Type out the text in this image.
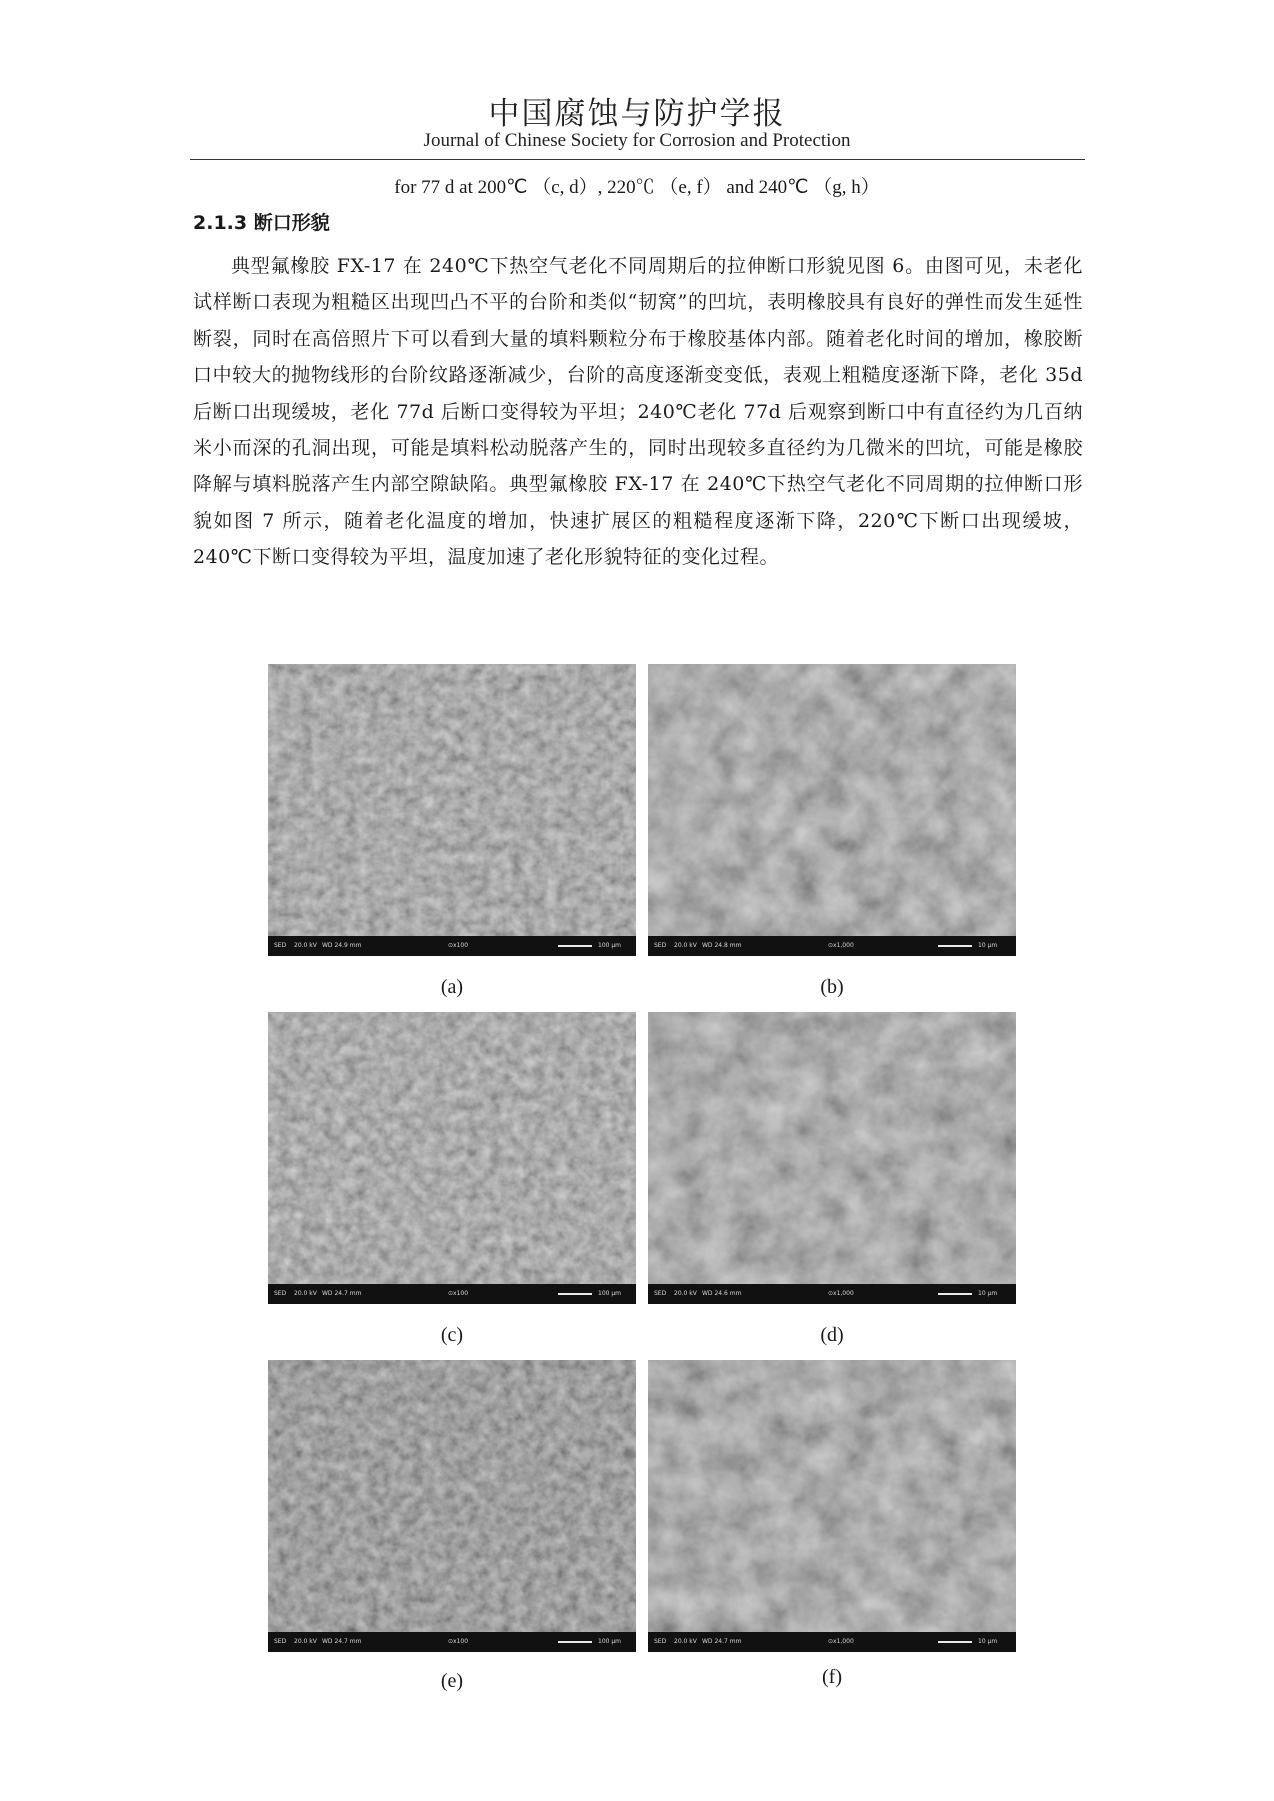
中国腐蚀与防护学报
Journal of Chinese Society for Corrosion and Protection
for 77 d at 200℃ （c, d）, 220℃ （e, f） and 240℃ （g, h）
2.1.3 断口形貌

典型氟橡胶 FX-17 在 240℃下热空气老化不同周期后的拉伸断口形貌见图 6。由图可见，未老化试样断口表现为粗糙区出现凹凸不平的台阶和类似“韧窝”的凹坑，表明橡胶具有良好的弹性而发生延性断裂，同时在高倍照片下可以看到大量的填料颗粒分布于橡胶基体内部。随着老化时间的增加，橡胶断口中较大的抛物线形的台阶纹路逐渐减少，台阶的高度逐渐变变低，表观上粗糙度逐渐下降，老化 35d 后断口出现缓坡，老化 77d 后断口变得较为平坦；240℃老化 77d 后观察到断口中有直径约为几百纳米小而深的孔洞出现，可能是填料松动脱落产生的，同时出现较多直径约为几微米的凹坑，可能是橡胶降解与填料脱落产生内部空隙缺陷。典型氟橡胶 FX-17 在 240℃下热空气老化不同周期的拉伸断口形貌如图 7 所示，随着老化温度的增加，快速扩展区的粗糙程度逐渐下降，220℃下断口出现缓坡，240℃下断口变得较为平坦，温度加速了老化形貌特征的变化过程。

SED 20.0 kV WD 24.9 mm	⊙x100	100 μm	SED 20.0 kV WD 24.8 mm	⊙x1,000	10 μm
SED 20.0 kV WD 24.7 mm	⊙x100	100 μm	SED 20.0 kV WD 24.6 mm	⊙x1,000	10 μm
SED 20.0 kV WD 24.7 mm	⊙x100	100 μm	SED 20.0 kV WD 24.7 mm	⊙x1,000	10 μm
(a)	(b)
(c)	(d)
(e)	(f)
